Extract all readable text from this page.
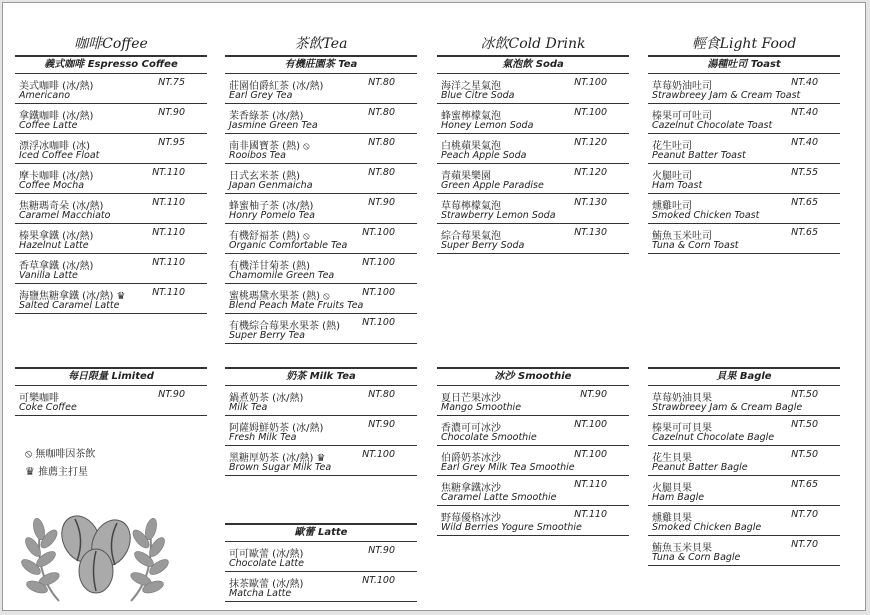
咖啡Coffee	茶飲Tea	冰飲Cold Drink	輕食Light Food
義式咖啡 Espresso Coffee
美式咖啡 (冰/熱)	NT.75
Americano
拿鐵咖啡 (冰/熱)	NT.90
Coffee Latte
漂浮冰咖啡 (冰)	NT.95
Iced Coffee Float
摩卡咖啡 (冰/熱)	NT.110
Coffee Mocha
焦糖瑪奇朵 (冰/熱)	NT.110
Caramel Macchiato
榛果拿鐵 (冰/熱)	NT.110
Hazelnut Latte
香草拿鐵 (冰/熱)	NT.110
Vanilla Latte
海鹽焦糖拿鐵 (冰/熱) ♛	NT.110
Salted Caramel Latte
有機莊園茶 Tea
莊園伯爵紅茶 (冰/熱)	NT.80
Earl Grey Tea
茉香綠茶 (冰/熱)	NT.80
Jasmine Green Tea
南非國寶茶 (熱) ⦸	NT.80
Rooibos Tea
日式玄米茶 (熱)	NT.80
Japan Genmaicha
蜂蜜柚子茶 (冰/熱)	NT.90
Honry Pomelo Tea
有機舒福茶 (熱) ⦸	NT.100
Organic Comfortable Tea
有機洋甘菊茶 (熱)	NT.100
Chamomile Green Tea
蜜桃瑪黛水果茶 (熱) ⦸	NT.100
Blend Peach Mate Fruits Tea
有機綜合莓果水果茶 (熱) NT.100
Super Berry Tea
氣泡飲 Soda
海洋之星氣泡	NT.100
Blue Citre Soda
蜂蜜檸檬氣泡	NT.100
Honey Lemon Soda
白桃蘋果氣泡	NT.120
Peach Apple Soda
青蘋果樂園	NT.120
Green Apple Paradise
草莓檸檬氣泡	NT.130
Strawberry Lemon Soda
綜合莓果氣泡	NT.130
Super Berry Soda
湯種吐司 Toast
草莓奶油吐司	NT.40
Strawbreey Jam & Cream Toast
榛果可可吐司	NT.40
Cazelnut Chocolate Toast
花生吐司	NT.40
Peanut Batter Toast
火腿吐司	NT.55
Ham Toast
燻雞吐司	NT.65
Smoked Chicken Toast
鮪魚玉米吐司	NT.65
Tuna & Corn Toast
每日限量 Limited
可樂咖啡	NT.90
Coke Coffee
奶茶 Milk Tea
鍋煮奶茶 (冰/熱)	NT.80
Milk Tea
阿薩姆鮮奶茶 (冰/熱)	NT.90
Fresh Milk Tea
黑糖厚奶茶 (冰/熱) ♛	NT.100
Brown Sugar Milk Tea
歐蕾 Latte
可可歐蕾 (冰/熱)	NT.90
Chocolate Latte
抹茶歐蕾 (冰/熱)	NT.100
Matcha Latte
冰沙 Smoothie
夏日芒果冰沙	NT.90
Mango Smoothie
香濃可可冰沙	NT.100
Chocolate Smoothie
伯爵奶茶冰沙	NT.100
Earl Grey Milk Tea Smoothie
焦糖拿鐵冰沙	NT.110
Caramel Latte Smoothie
野莓優格冰沙	NT.110
Wild Berries Yogure Smoothie
貝果 Bagle
草莓奶油貝果	NT.50
Strawbreey Jam & Cream Bagle
榛果可可貝果	NT.50
Cazelnut Chocolate Bagle
花生貝果	NT.50
Peanut Batter Bagle
火腿貝果	NT.65
Ham Bagle
燻雞貝果	NT.70
Smoked Chicken Bagle
鮪魚玉米貝果	NT.70
Tuna & Corn Bagle
⦸ 無咖啡因茶飲
♛ 推薦主打星
